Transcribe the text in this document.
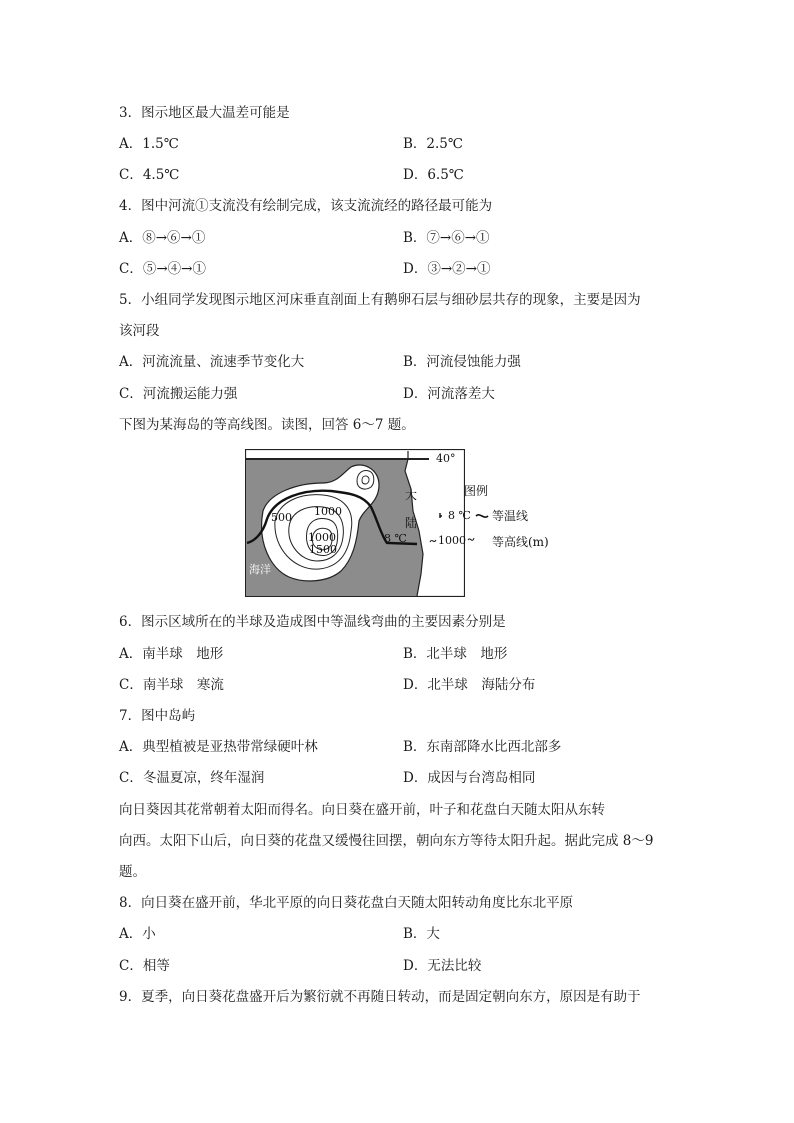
3．图示地区最大温差可能是
A．1.5℃	B．2.5℃
C．4.5℃	D．6.5℃
4．图中河流①支流没有绘制完成，该支流流经的路径最可能为
A．⑧→⑥→①	B．⑦→⑥→①
C．⑤→④→①	D．③→②→①
5．小组同学发现图示地区河床垂直剖面上有鹅卵石层与细砂层共存的现象，主要是因为
该河段
A．河流流量、流速季节变化大	B．河流侵蚀能力强
C．河流搬运能力强	D．河流落差大
下图为某海岛的等高线图。读图，回答 6～7 题。
40°
大
陆
500 1000
1000
1500
8 ℃
海洋
图例
8 ℃ 等温线
1000 等高线(m)
6．图示区域所在的半球及造成图中等温线弯曲的主要因素分别是
A．南半球　地形	B．北半球　地形
C．南半球　寒流	D．北半球　海陆分布
7．图中岛屿
A．典型植被是亚热带常绿硬叶林	B．东南部降水比西北部多
C．冬温夏凉，终年湿润	D．成因与台湾岛相同
向日葵因其花常朝着太阳而得名。向日葵在盛开前，叶子和花盘白天随太阳从东转
向西。太阳下山后，向日葵的花盘又缓慢往回摆，朝向东方等待太阳升起。据此完成 8～9
题。
8．向日葵在盛开前，华北平原的向日葵花盘白天随太阳转动角度比东北平原
A．小	B．大
C．相等	D．无法比较
9．夏季，向日葵花盘盛开后为繁衍就不再随日转动，而是固定朝向东方，原因是有助于
